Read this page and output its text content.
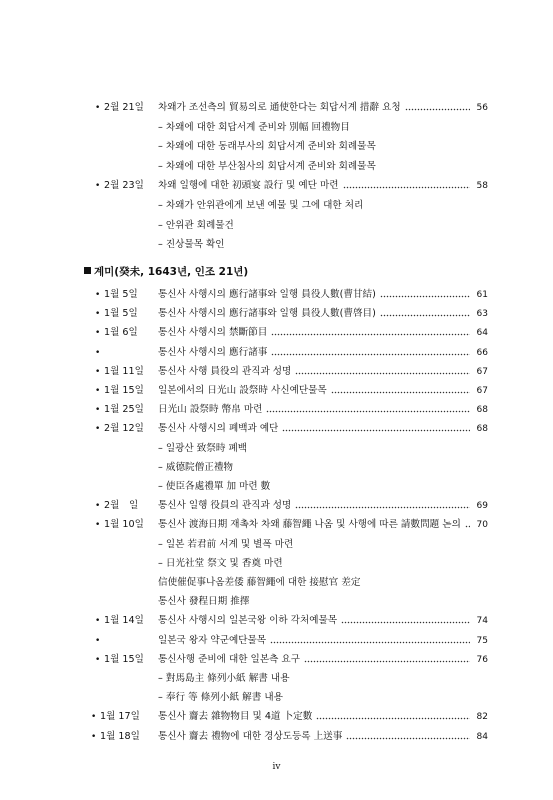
• 2월 21일 차왜가 조선측의 貿易의로 通使한다는 회답서계 措辭 요청	56
– 차왜에 대한 회답서계 준비와 別幅 回禮物目
– 차왜에 대한 동래부사의 회답서계 준비와 회례물목
– 차왜에 대한 부산첨사의 회답서계 준비와 회례물목
• 2월 23일 차왜 일행에 대한 初頭宴 設行 및 예단 마련	58
– 차왜가 안위관에게 보낸 예물 및 그에 대한 처리
– 안위관 회례물건
– 진상물목 확인
• 1월 5일 통신사 사행시의 應行諸事와 일행 員役人數(曹甘結)	61
• 1월 5일 통신사 사행시의 應行諸事와 일행 員役人數(曹啓目)	63
• 1월 6일 통신사 사행시의 禁斷節目	64
•	통신사 사행시의 應行諸事	66
• 1월 11일 통신사 사행 員役의 관직과 성명	67
• 1월 15일 일본에서의 日光山 設祭時 사신예단물목	67
• 1월 25일 日光山 設祭時 幣帛 마련	68
• 2월 12일 통신사 사행시의 폐백과 예단	68
– 일광산 致祭時 폐백
– 威德院僧正禮物
– 使臣各處禮單 加 마련 數
• 2월　일 통신사 일행 役員의 관직과 성명	69
• 1월 10일 통신사 渡海日期 재촉차 차왜 藤智繩 나옴 및 사행에 따른 請數問題 논의	70
– 일본 若君前 서계 및 별폭 마련
– 日光社堂 祭文 및 香奠 마련
信使催促事나옴差倭 藤智繩에 대한 接慰官 差定
통신사 發程日期 推擇
• 1월 14일 통신사 사행시의 일본국왕 이하 각처예물목	74
•	일본국 왕자 약군예단물목	75
• 1월 15일 통신사행 준비에 대한 일본측 요구	76
– 對馬島主 條列小紙 解書 내용
– 奉行 等 條列小紙 解書 내용
• 1월 17일 통신사 齎去 雜物物目 및 4道 卜定數	82
• 1월 18일 통신사 齎去 禮物에 대한 경상도등록 上送事	84
계미(癸未, 1643년, 인조 21년)
iv
